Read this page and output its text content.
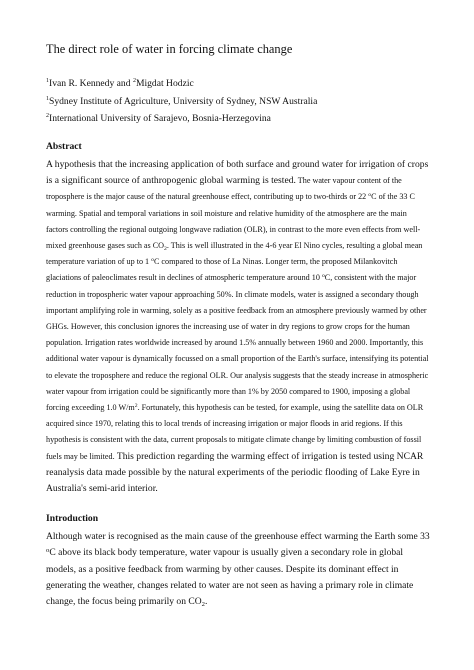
The direct role of water in forcing climate change
$^1$Ivan R. Kennedy and $^2$Migdat Hodzic
$^1$Sydney Institute of Agriculture, University of Sydney, NSW Australia
$^2$International University of Sarajevo, Bosnia-Herzegovina
Abstract
A hypothesis that the increasing application of both surface and ground water for irrigation of crops is a significant source of anthropogenic global warming is tested. The water vapour content of the troposphere is the major cause of the natural greenhouse effect, contributing up to two-thirds or 22 $^o$C of the 33 C warming. Spatial and temporal variations in soil moisture and relative humidity of the atmosphere are the main factors controlling the regional outgoing longwave radiation (OLR), in contrast to the more even effects from well-mixed greenhouse gases such as $CO_2$. This is well illustrated in the 4-6 year El Nino cycles, resulting a global mean temperature variation of up to 1 $^o$C compared to those of La Ninas. Longer term, the proposed Milankovitch glaciations of paleoclimates result in declines of atmospheric temperature around 10 $^o$C, consistent with the major reduction in tropospheric water vapour approaching 50%. In climate models, water is assigned a secondary though important amplifying role in warming, solely as a positive feedback from an atmosphere previously warmed by other GHGs. However, this conclusion ignores the increasing use of water in dry regions to grow crops for the human population. Irrigation rates worldwide increased by around 1.5% annually between 1960 and 2000. Importantly, this additional water vapour is dynamically focussed on a small proportion of the Earth's surface, intensifying its potential to elevate the troposphere and reduce the regional OLR. Our analysis suggests that the steady increase in atmospheric water vapour from irrigation could be significantly more than 1% by 2050 compared to 1900, imposing a global forcing exceeding 1.0 $W/m^2$. Fortunately, this hypothesis can be tested, for example, using the satellite data on OLR acquired since 1970, relating this to local trends of increasing irrigation or major floods in arid regions. If this hypothesis is consistent with the data, current proposals to mitigate climate change by limiting combustion of fossil fuels may be limited. This prediction regarding the warming effect of irrigation is tested using NCAR reanalysis data made possible by the natural experiments of the periodic flooding of Lake Eyre in Australia's semi-arid interior.
Introduction
Although water is recognised as the main cause of the greenhouse effect warming the Earth some 33 $^o$C above its black body temperature, water vapour is usually given a secondary role in global models, as a positive feedback from warming by other causes. Despite its dominant effect in generating the weather, changes related to water are not seen as having a primary role in climate change, the focus being primarily on $CO_2$.
